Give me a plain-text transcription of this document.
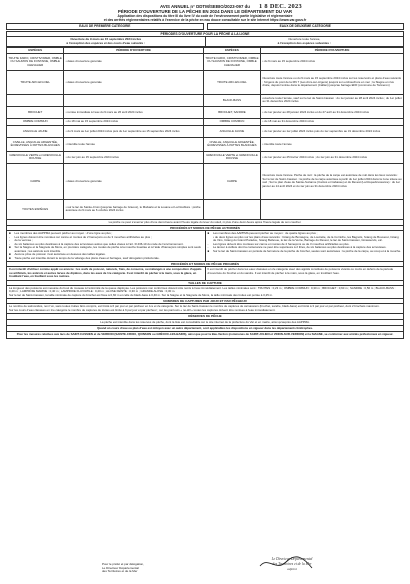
AVIS ANNUEL n° DDTM/SEBIO/2023-097 du 1 8 DEC. 2023
PÉRIODE D'OUVERTURE DE LA PÊCHE EN 2024 DANS LE DÉPARTEMENT DU VAR
Application des dispositions du titre III du livre IV du code de l'environnement partie législative et réglementaire
et des arrêtés réglementaires relatifs à l'exercice de la pêche en eau douce consultable sur le site internet https://www.var.gouv.fr
EAUX DE PREMIÈRE CATÉGORIE	EAUX DE DEUXIÈME CATÉGORIE
PÉRIODES D'OUVERTURE POUR LA PÊCHE A LA LIGNE
Ouverture du 9 mars au 15 septembre 2024 inclus
à l'exception des espèces et des cours d'eau suivants :
Ouverture toute l'année,
à l'exception des espèces suivantes :
ESPÈCES	PÉRIODE D'OUVERTURE	ESPÈCES	PÉRIODE D'OUVERTURE
TRUITE FARIO, CRISTIVOMER, OMBLE OU SAUMON DE FONTAINE, OMBLE CHEVALIER	• dates d'ouverture générale	TRUITE FARIO, CRISTIVOMER, OMBLE OU SAUMON DE FONTAINE, OMBLE CHEVALIER	• du 9 mars au 15 septembre 2024 inclus
TRUITE ARC-EN-CIEL	• dates d'ouverture générale	TRUITE ARC-EN-CIEL	Ouverture toute l'année ou du 9 mars au 15 septembre 2024 inclus sur les réservoirs et plans d'eau suivants : l'Argens du pont de la RN 7 (Les Arcs-sur-Argens) jusqu'à son embouchure en mer ; la Siagne en rive droite, depuis l'entrée dans le département (Callian) jusqu'au barrage EDF (commune de Tanneron)
		BLACK-BASS	ouverture toute l'année, sauf sur le lac de Saint-Cassien : du 1er janvier au 28 avril 2024 inclus ; du 1er juillet au 31 décembre 2024 inclus
BROCHET	• remise immédiate à l'eau du 9 mars au 26 avril 2024 inclus	BROCHET, SANDRE	• du 1er janvier au 28 janvier 2024 inclus et du 27 avril au 31 décembre 2024 inclus
OMBRE COMMUN	• du 18 mai au 15 septembre 2024 inclus	OMBRE COMMUN	• du 18 mai au 31 décembre 2024 inclus
ANGUILLE JAUNE	• du 9 mars au 1er juillet 2024 inclus puis du 1er septembre au 15 septembre 2024 inclus	ANGUILLE JAUNE	• du 1er janvier au 1er juillet 2024 inclus puis du 1er septembre au 31 décembre 2024 inclus
CIVELLE, ANGUILLE ARGENTÉE, ÉCREVISSES À PATTES BLANCHES	• interdite toute l'année	CIVELLE, ANGUILLE ARGENTÉE, ÉCREVISSES À PATTES BLANCHES	• interdite toute l'année
GRENOUILLE VERTE et GRENOUILLE ROUSSE	• du 1er juin au 15 septembre 2024 inclus	GRENOUILLE VERTE et GRENOUILLE ROUSSE	• du 1er janvier au 25 février 2024 inclus ; du 1er juin au 31 décembre 2024 inclus
CARPE	• dates d'ouverture générale	CARPE	Ouverture toute l'année. Pêche de nuit : la pêche de la carpe est autorisée de nuit dans les lieux suivants : Sur le lac de Saint-Cassien : la pêche de la carpe autorisée à partir du 1er juillet 2024 dans la zone située au sud ; Sur le plan d'eau de Sainte-Suzanne (Carcès et Cabasse) et du Revest (La Roquebrussanne) : du 1er janvier au 14 avril 2024 et du 1er juin au 31 décembre 2024 inclus
TOUTES ESPÈCES	• sur le lac de Sainte-Croix (jusqu'au barrage de Gréoux), le Malvarié et la Louane et La Doublure : pêche autorisée du 9 mars au 6 octobre 2024 inclus		
La pêche ne peut s'exercer plus d'une demi-heure avant l'heure légale du lever du soleil, ni plus d'une demi-heure après l'heure légale de son coucher.
PROCÉDÉS ET MODES DE PÊCHE AUTORISÉS
■	Les membres des AAPPMA peuvent pêcher au moyen : d'une ligne au plus ;
-	Les lignes doivent être montées sur canne et munies de 2 hameçons ou de 3 mouches artificielles au plus ;
-	de la vermée ;
-	de six balances au plus destinées à la capture des écrevisses autres que celles visées à l'art. R.436-10 du code de l'environnement.
■	Sur la Siagne et la Siagnole de Mons, en première catégorie, les modes de pêche à la mouche fouettée et à l'aide d'hameçons simples sont seuls autorisés ; les asticots sont interdits.
■	Aucune prise de poisson n'est autorisée en dessous des tailles légales.
■	Toute pêche est interdite durant le temps de la vidange des plans d'eau et barrages, sauf dérogation préfectorale.
■	Les membres des AAPPMA peuvent pêcher au moyen : de quatre lignes au plus ;
• de deux lignes au plus sur les plans d'eau suivants : l'étang de Bonsègne, de Loutrette, de la Corniche, les Bagnols, l'étang de Bouveret, l'étang de Vins, l'étang du Grand Paradou, l'étang Bellevue, le lac de la Verne, Barrage du Revest, le lac de Saint-Cassien, Ginasservis, etc.
-	Les lignes doivent être montées sur canne et munies de 2 hameçons ou de 3 mouches artificielles au plus.
-	Le lancer à cuillère dont la contenance ne peut être supérieure à 2 litres, de six balances au plus destinées à la capture des écrevisses.
■	Sur le lac de Saint-Cassien en période de fermeture de la pêche du brochet, seules sont autorisées : la pêche de la carpe, au coup et à la mouche.
PROCÉDÉS ET MODES DE PÊCHE PROHIBÉS
Il est interdit d'utiliser comme appât ou amorce : les œufs de poisson, naturels, frais, de conserve, ou mélangés à une composition d'appâts ou artificiels, les asticots et autres larves de diptères, dans les eaux de 1re catégorie. Il est interdit de pêcher à la main, sous la glace, en troublant l'eau, en fouillant sous les racines.
Il est interdit de pêcher dans les eaux classées en 2e catégorie avec des appâts constitués de poissons vivants ou morts en dehors de la période d'ouverture du brochet et du sandre. Il est interdit de pêcher à la main, sous la glace, en troublant l'eau.
TAILLES DE CAPTURE
La longueur des poissons est mesurée du bout du museau à l'extrémité de la queue déployée. Les poissons non conformes doivent être remis à l'eau immédiatement. Les tailles minimales sont : TRUITES : 0,23 m ; OMBRE COMMUN : 0,30 m ; BROCHET : 0,60 m ; SANDRE : 0,50 m ; BLACK-BASS : 0,40 m ; LAMPROIE MARINE : 0,40 m ; LAMPROIE FLUVIATILE : 0,20 m ; ALOSE FEINTE : 0,30 m ; GRANDE ALOSE : 0,30 m.
Sur le lac de Saint-Cassien, la taille minimale de capture du brochet est fixée à 0,60 m et celle du black-bass à 0,40 m. Sur la Siagne et la Siagnole de Mons, la taille minimale des truites est portée à 0,25 m.
NOMBRES DE CAPTURES PAR JOUR ET PAR PÊCHEUR
Le nombre de salmonidés, non l'un, sans toutes truites fario compris, est limité à 6 par jour et par pêcheur en 1re et 2e catégorie. Sur le lac de Saint-Cassien le nombre de captures de carnassiers (brochet, sandre, black-bass) est limité à 3 par jour et par pêcheur, dont 2 brochets maximum.
Sur les cours d'eau classées en 1re catégorie le nombre de captures de truites est limité à 6 par jour et par pêcheur ; sur les parcours « no-kill » toutes les captures doivent être remises à l'eau immédiatement.
RÉSERVES DE PÊCHE
La pêche est interdite dans les réserves de pêche, dont la liste est consultable sur le site internet de la préfecture du Var et en mairie, ainsi qu'auprès des AAPPMA.
Quand un cours d'eau ou plan d'eau est mitoyen avec un autre département, sont applicables les dispositions en vigueur dans les départements limitrophes.
Pour les mesures relatives aux lacs de SAINT-CASSIEN et de VERDON (SAINTE-CROIX, QUINSON ou GRÉOUX-LES-BAINS), ainsi que pour la Bas-Verdon (communes de SAINT-JULIEN et VINON-SUR-VERDON) et la SIAGNE, se conformer aux arrêtés préfectoraux en vigueur.
Pour le préfet et par délégation,
Le Directeur Départemental
des Territoires et de la Mer
Le Directeur Départemental
des Territoires et de la Mer
adjoint
